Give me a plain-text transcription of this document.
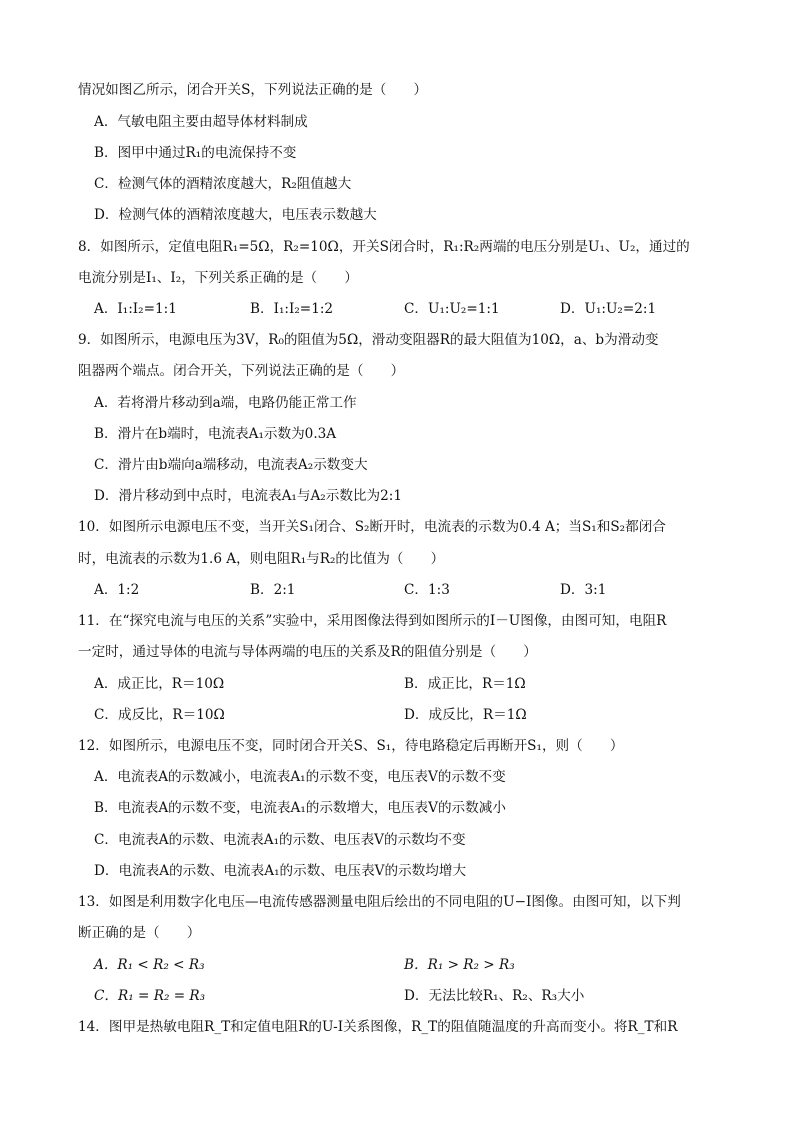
情况如图乙所示，闭合开关S，下列说法正确的是（　　）
A．气敏电阻主要由超导体材料制成
B．图甲中通过R₁的电流保持不变
C．检测气体的酒精浓度越大，R₂阻值越大
D．检测气体的酒精浓度越大，电压表示数越大
8．如图所示，定值电阻R₁=5Ω，R₂=10Ω，开关S闭合时，R₁:R₂两端的电压分别是U₁、U₂，通过的
电流分别是I₁、I₂，下列关系正确的是（　　）
A．I₁:I₂=1:1	B．I₁:I₂=1:2	C．U₁:U₂=1:1	D．U₁:U₂=2:1
9．如图所示，电源电压为3V，R₀的阻值为5Ω，滑动变阻器R的最大阻值为10Ω，a、b为滑动变
阻器两个端点。闭合开关，下列说法正确的是（　　）
A．若将滑片移动到a端，电路仍能正常工作
B．滑片在b端时，电流表A₁示数为0.3A
C．滑片由b端向a端移动，电流表A₂示数变大
D．滑片移动到中点时，电流表A₁与A₂示数比为2:1
10．如图所示电源电压不变，当开关S₁闭合、S₂断开时，电流表的示数为0.4 A；当S₁和S₂都闭合
时，电流表的示数为1.6 A，则电阻R₁与R₂的比值为（　　）
A．1:2	B．2:1	C．1:3	D．3:1
11．在“探究电流与电压的关系”实验中，采用图像法得到如图所示的I－U图像，由图可知，电阻R
一定时，通过导体的电流与导体两端的电压的关系及R的阻值分别是（　　）
A．成正比，R＝10Ω	B．成正比，R＝1Ω
C．成反比，R＝10Ω	D．成反比，R＝1Ω
12．如图所示，电源电压不变，同时闭合开关S、S₁，待电路稳定后再断开S₁，则（　　）
A．电流表A的示数减小，电流表A₁的示数不变，电压表V的示数不变
B．电流表A的示数不变，电流表A₁的示数增大，电压表V的示数减小
C．电流表A的示数、电流表A₁的示数、电压表V的示数均不变
D．电流表A的示数、电流表A₁的示数、电压表V的示数均增大
13．如图是利用数字化电压—电流传感器测量电阻后绘出的不同电阻的U−I图像。由图可知，以下判
断正确的是（　　）
A．R₁ < R₂ < R₃	B．R₁ > R₂ > R₃
C．R₁ = R₂ = R₃	D．无法比较R₁、R₂、R₃大小
14．图甲是热敏电阻R_T和定值电阻R的U-I关系图像，R_T的阻值随温度的升高而变小。将R_T和R
